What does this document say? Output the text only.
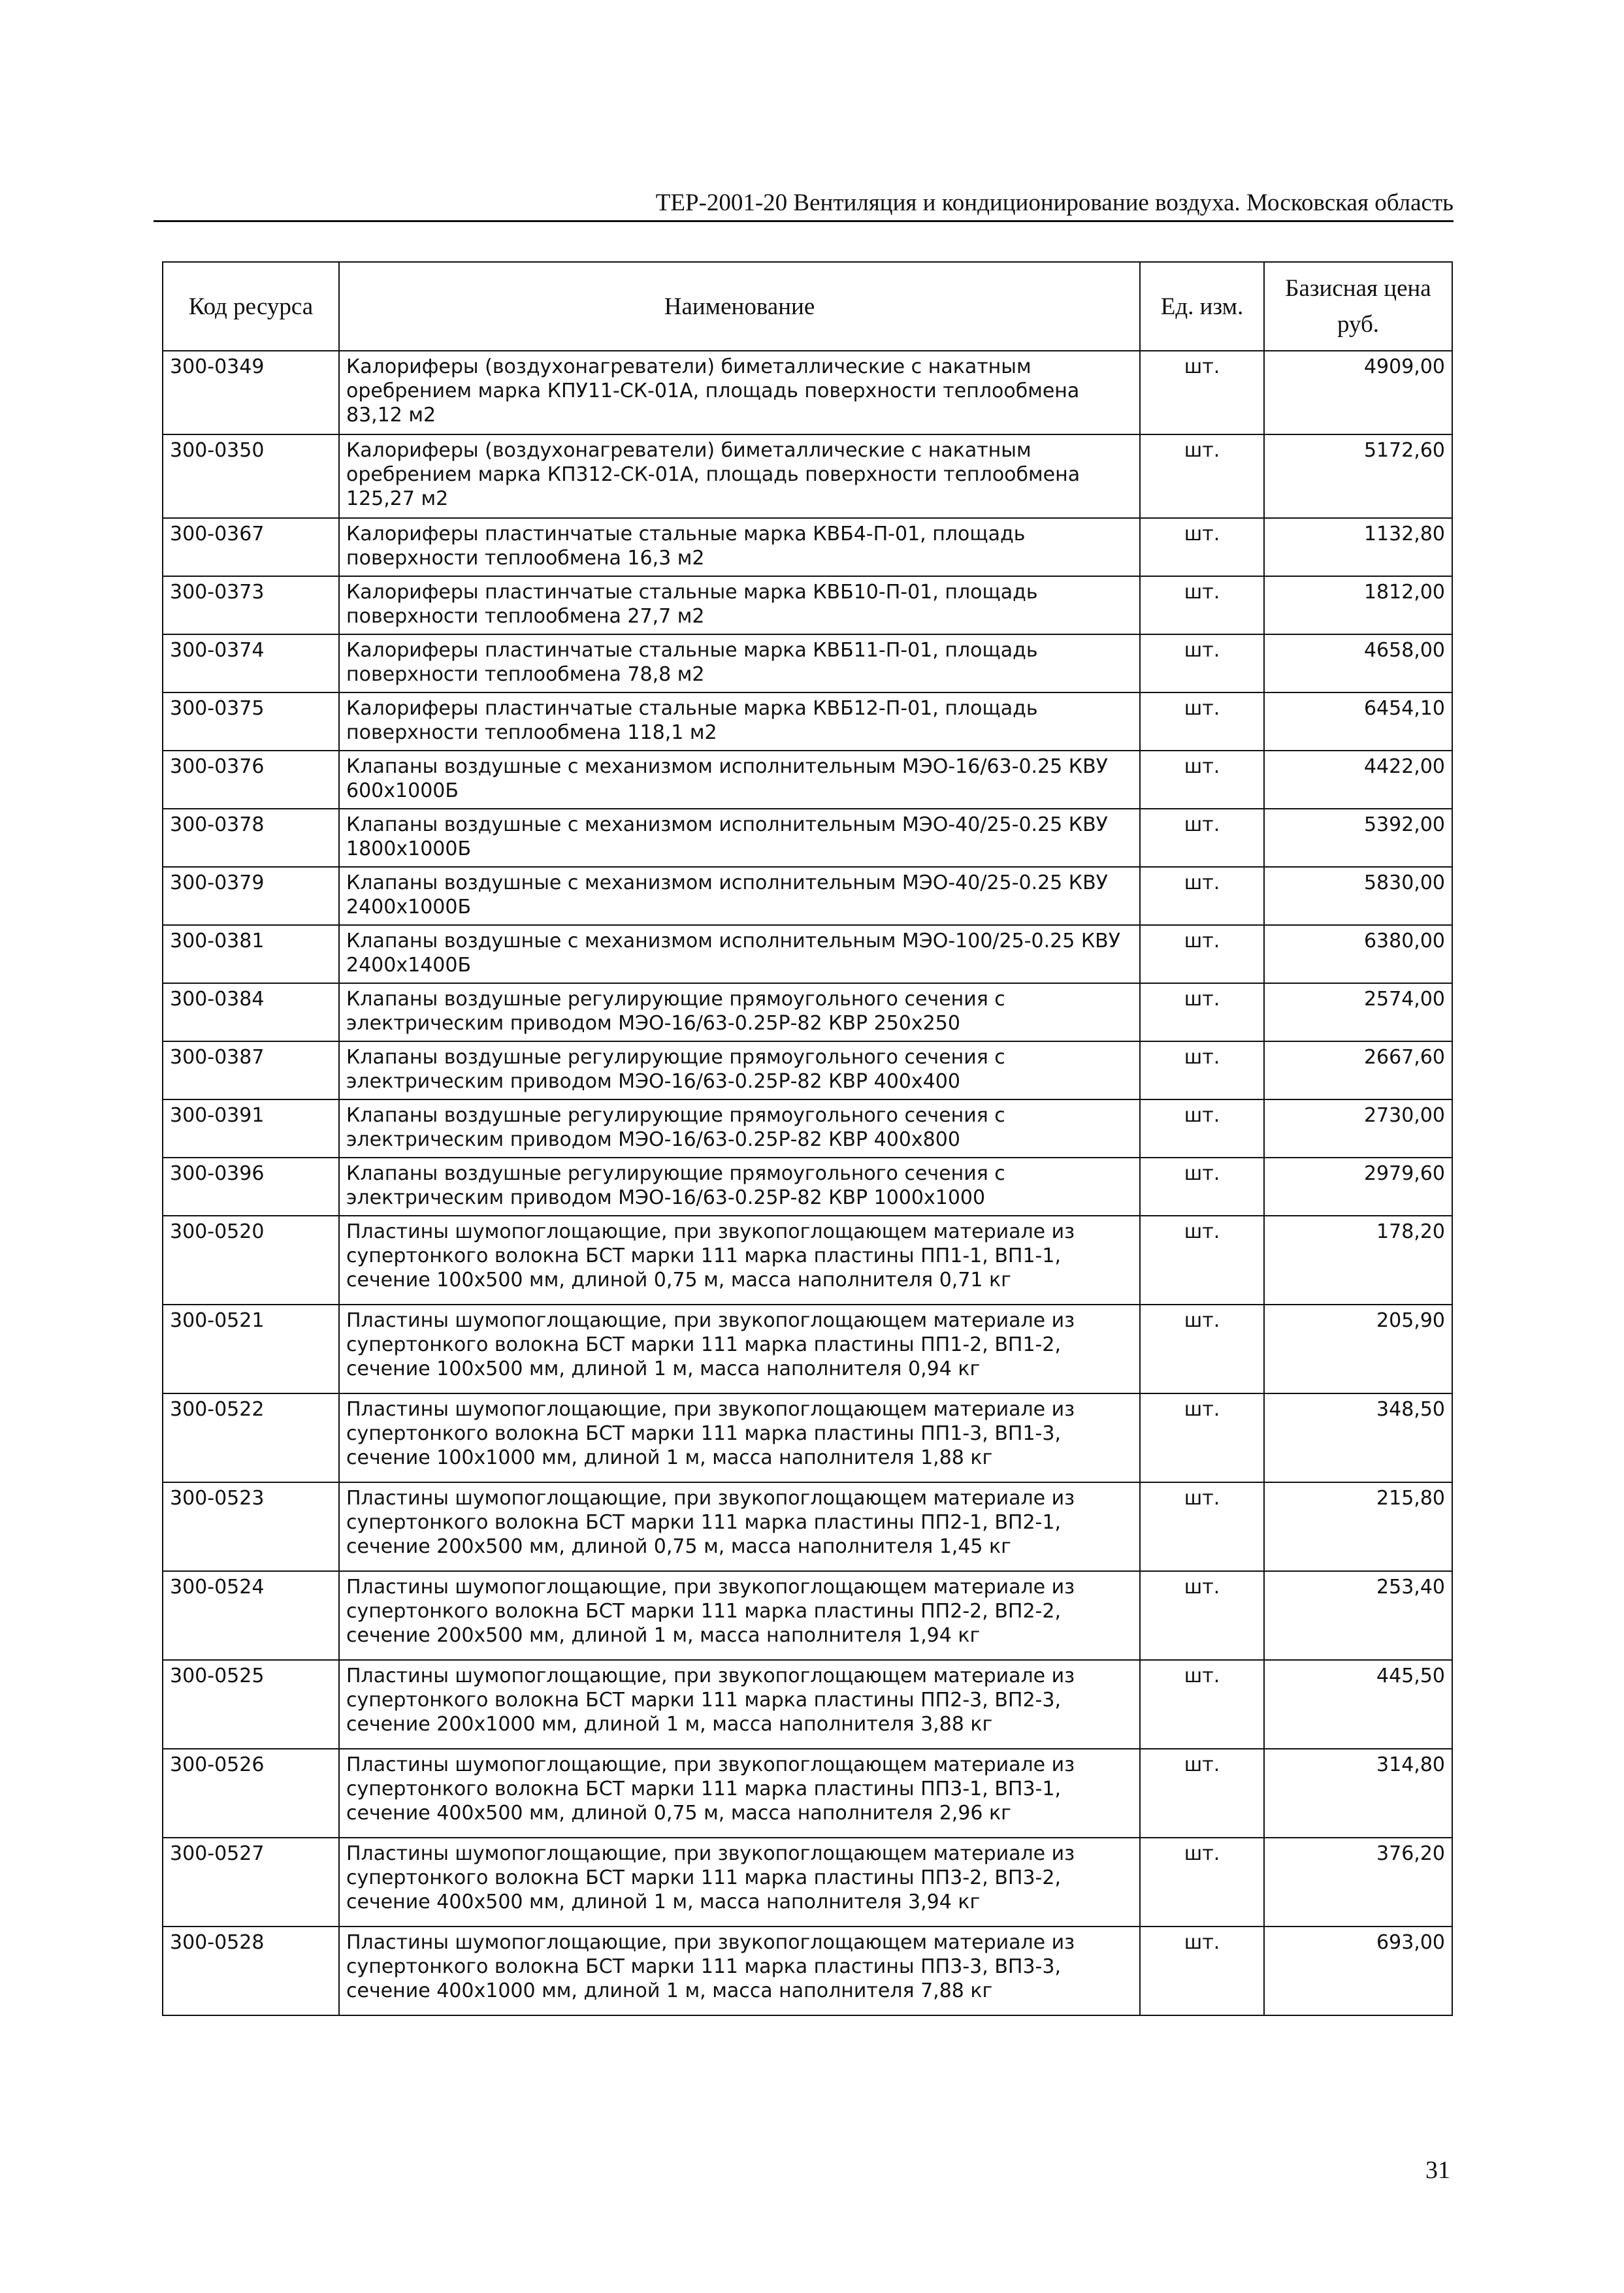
ТЕР-2001-20 Вентиляция и кондиционирование воздуха. Московская область
Код ресурса	Наименование	Ед. изм.	Базисная цена руб.
300-0349	Калориферы (воздухонагреватели) биметаллические с накатным оребрением марка КПУ11-СК-01А, площадь поверхности теплообмена 83,12 м2	шт.	4909,00
300-0350	Калориферы (воздухонагреватели) биметаллические с накатным оребрением марка КП312-СК-01А, площадь поверхности теплообмена 125,27 м2	шт.	5172,60
300-0367	Калориферы пластинчатые стальные марка КВБ4-П-01, площадь поверхности теплообмена 16,3 м2	шт.	1132,80
300-0373	Калориферы пластинчатые стальные марка КВБ10-П-01, площадь поверхности теплообмена 27,7 м2	шт.	1812,00
300-0374	Калориферы пластинчатые стальные марка КВБ11-П-01, площадь поверхности теплообмена 78,8 м2	шт.	4658,00
300-0375	Калориферы пластинчатые стальные марка КВБ12-П-01, площадь поверхности теплообмена 118,1 м2	шт.	6454,10
300-0376	Клапаны воздушные с механизмом исполнительным МЭО-16/63-0.25 КВУ 600х1000Б	шт.	4422,00
300-0378	Клапаны воздушные с механизмом исполнительным МЭО-40/25-0.25 КВУ 1800х1000Б	шт.	5392,00
300-0379	Клапаны воздушные с механизмом исполнительным МЭО-40/25-0.25 КВУ 2400х1000Б	шт.	5830,00
300-0381	Клапаны воздушные с механизмом исполнительным МЭО-100/25-0.25 КВУ 2400х1400Б	шт.	6380,00
300-0384	Клапаны воздушные регулирующие прямоугольного сечения с электрическим приводом МЭО-16/63-0.25Р-82 КВР 250х250	шт.	2574,00
300-0387	Клапаны воздушные регулирующие прямоугольного сечения с электрическим приводом МЭО-16/63-0.25Р-82 КВР 400х400	шт.	2667,60
300-0391	Клапаны воздушные регулирующие прямоугольного сечения с электрическим приводом МЭО-16/63-0.25Р-82 КВР 400х800	шт.	2730,00
300-0396	Клапаны воздушные регулирующие прямоугольного сечения с электрическим приводом МЭО-16/63-0.25Р-82 КВР 1000х1000	шт.	2979,60
300-0520	Пластины шумопоглощающие, при звукопоглощающем материале из супертонкого волокна БСТ марки 111 марка пластины ПП1-1, ВП1-1, сечение 100х500 мм, длиной 0,75 м, масса наполнителя 0,71 кг	шт.	178,20
300-0521	Пластины шумопоглощающие, при звукопоглощающем материале из супертонкого волокна БСТ марки 111 марка пластины ПП1-2, ВП1-2, сечение 100х500 мм, длиной 1 м, масса наполнителя 0,94 кг	шт.	205,90
300-0522	Пластины шумопоглощающие, при звукопоглощающем материале из супертонкого волокна БСТ марки 111 марка пластины ПП1-3, ВП1-3, сечение 100х1000 мм, длиной 1 м, масса наполнителя 1,88 кг	шт.	348,50
300-0523	Пластины шумопоглощающие, при звукопоглощающем материале из супертонкого волокна БСТ марки 111 марка пластины ПП2-1, ВП2-1, сечение 200х500 мм, длиной 0,75 м, масса наполнителя 1,45 кг	шт.	215,80
300-0524	Пластины шумопоглощающие, при звукопоглощающем материале из супертонкого волокна БСТ марки 111 марка пластины ПП2-2, ВП2-2, сечение 200х500 мм, длиной 1 м, масса наполнителя 1,94 кг	шт.	253,40
300-0525	Пластины шумопоглощающие, при звукопоглощающем материале из супертонкого волокна БСТ марки 111 марка пластины ПП2-3, ВП2-3, сечение 200х1000 мм, длиной 1 м, масса наполнителя 3,88 кг	шт.	445,50
300-0526	Пластины шумопоглощающие, при звукопоглощающем материале из супертонкого волокна БСТ марки 111 марка пластины ПП3-1, ВП3-1, сечение 400х500 мм, длиной 0,75 м, масса наполнителя 2,96 кг	шт.	314,80
300-0527	Пластины шумопоглощающие, при звукопоглощающем материале из супертонкого волокна БСТ марки 111 марка пластины ПП3-2, ВП3-2, сечение 400х500 мм, длиной 1 м, масса наполнителя 3,94 кг	шт.	376,20
300-0528	Пластины шумопоглощающие, при звукопоглощающем материале из супертонкого волокна БСТ марки 111 марка пластины ПП3-3, ВП3-3, сечение 400х1000 мм, длиной 1 м, масса наполнителя 7,88 кг	шт.	693,00
31
